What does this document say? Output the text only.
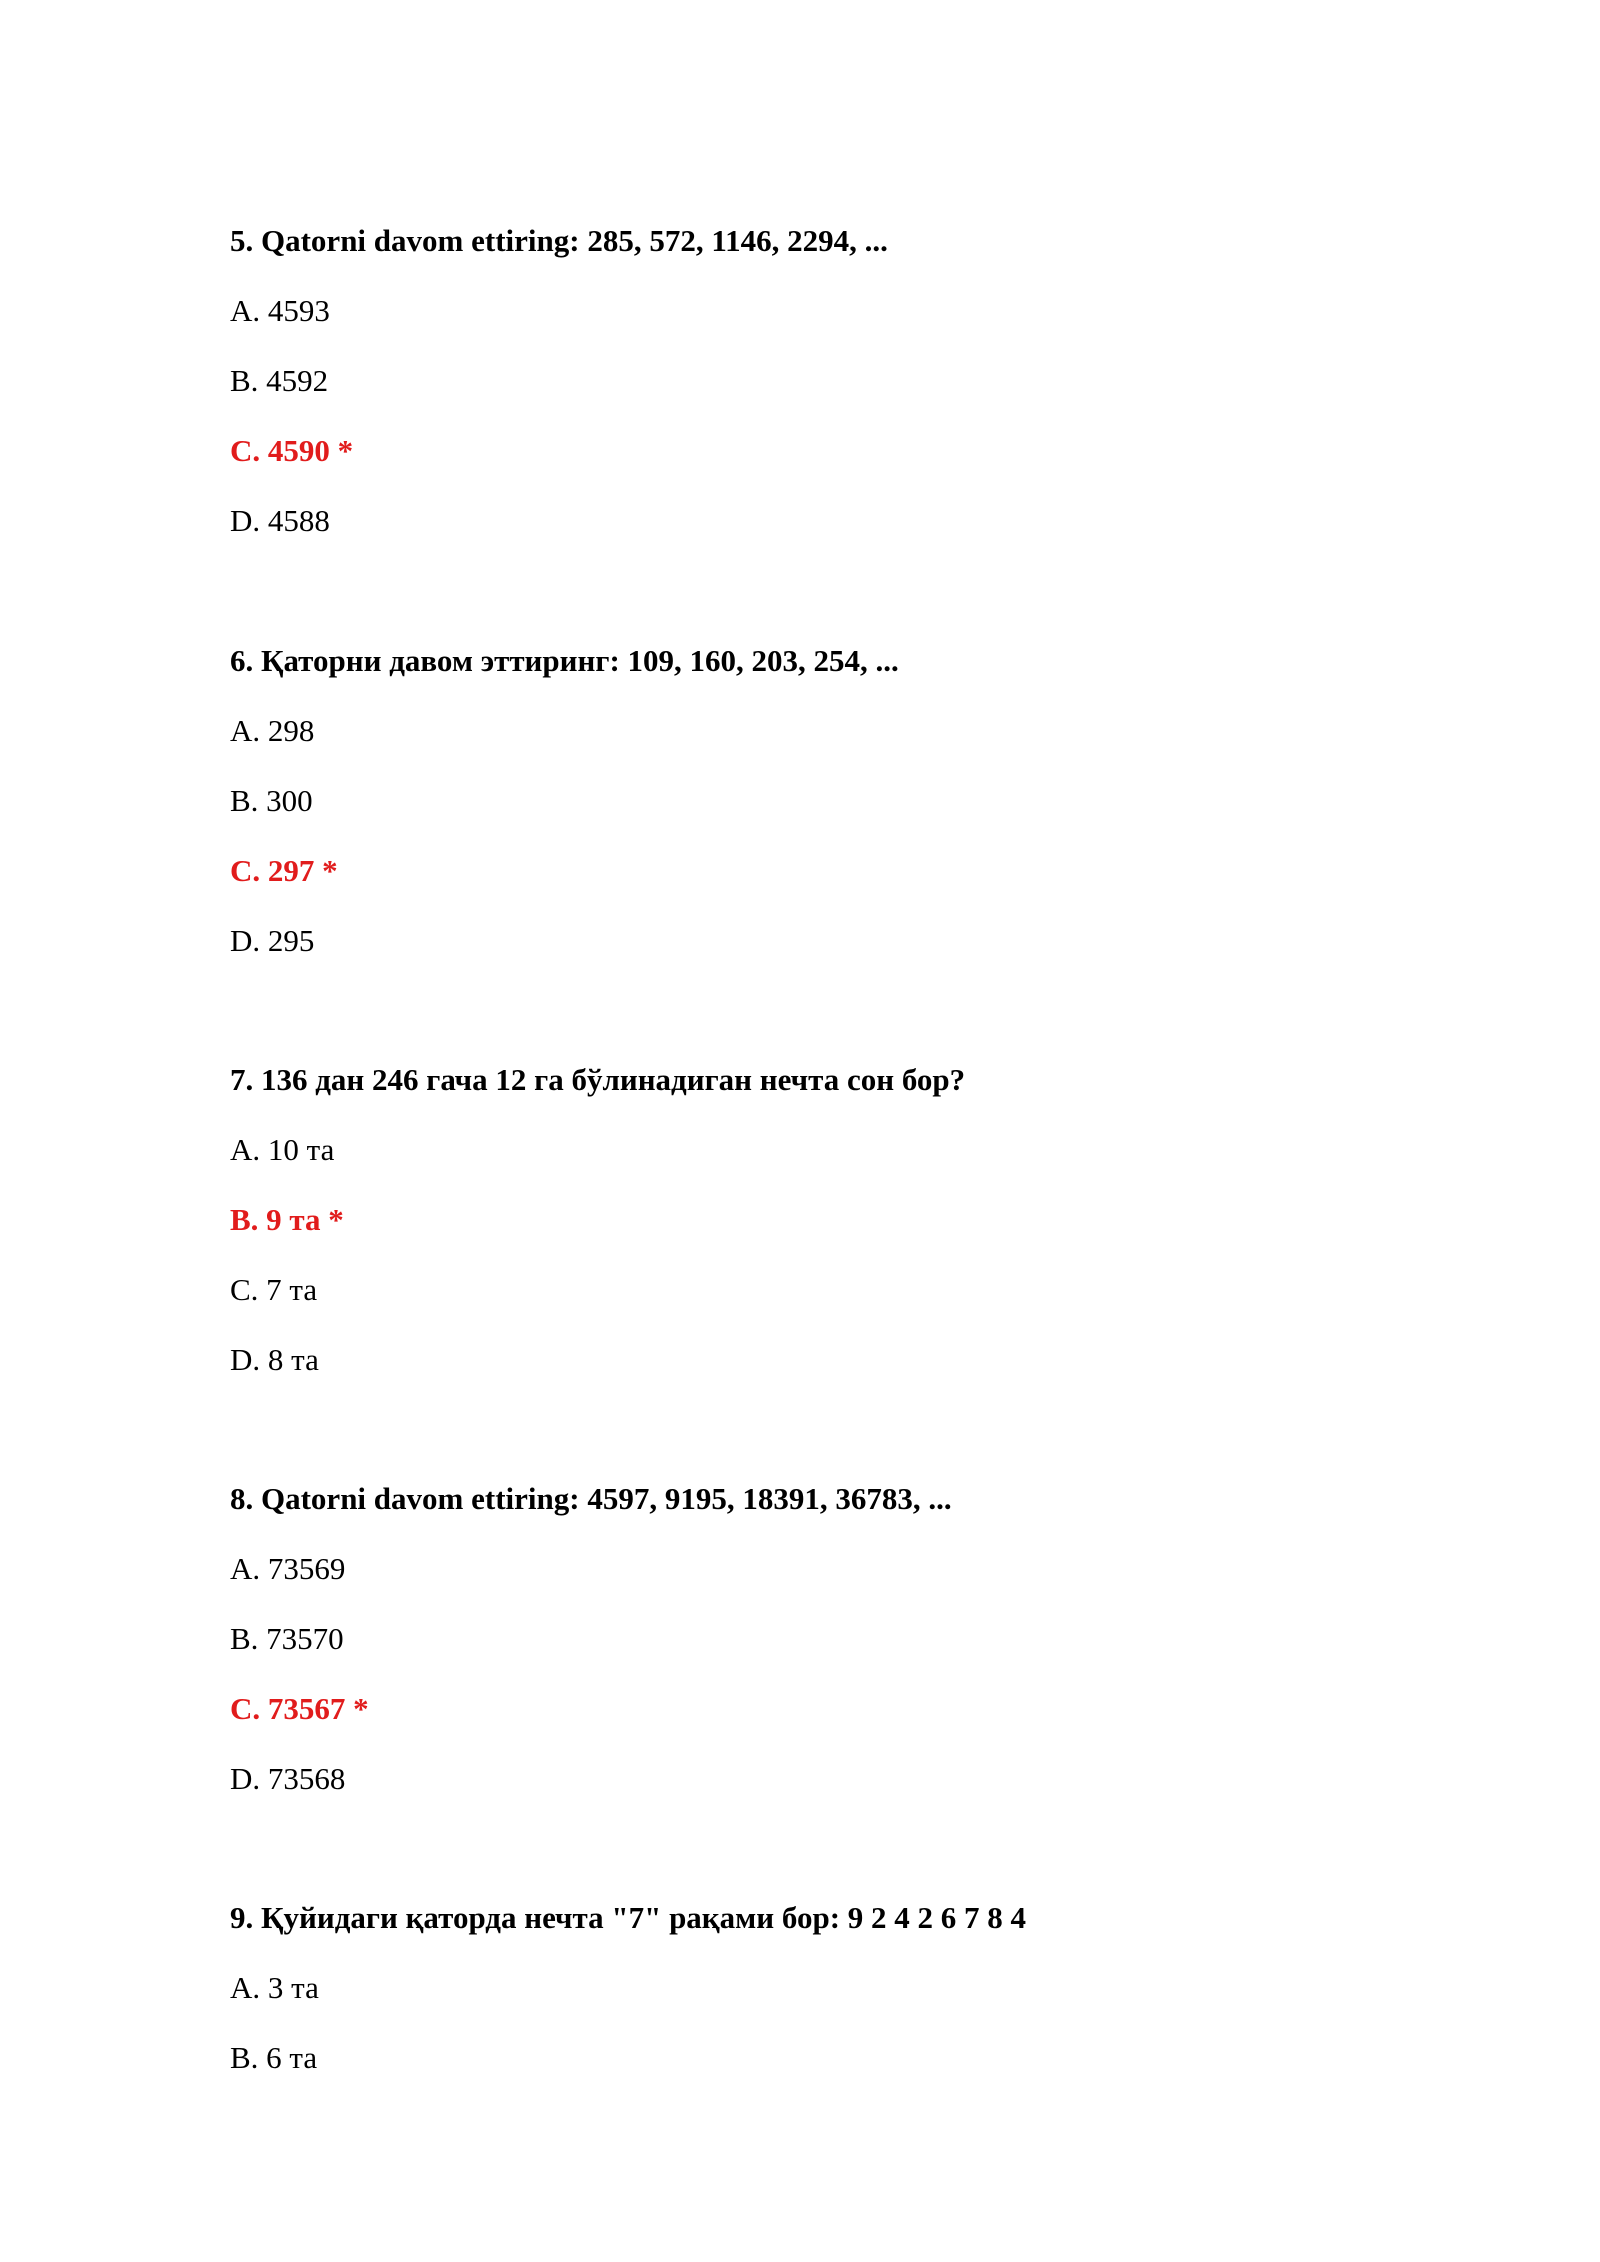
5. Qatorni davom ettiring: 285, 572, 1146, 2294, ...

A. 4593

B. 4592

C. 4590 *

D. 4588

6. Қаторни давом эттиринг: 109, 160, 203, 254, ...

A. 298

B. 300

C. 297 *

D. 295

7. 136 дан 246 гача 12 га бўлинадиган нечта сон бор?

A. 10 та

B. 9 та *

C. 7 та

D. 8 та

8. Qatorni davom ettiring: 4597, 9195, 18391, 36783, ...

A. 73569

B. 73570

C. 73567 *

D. 73568

9. Қуйидаги қаторда нечта "7" рақами бор: 9 2 4 2 6 7 8 4

A. 3 та

B. 6 та
